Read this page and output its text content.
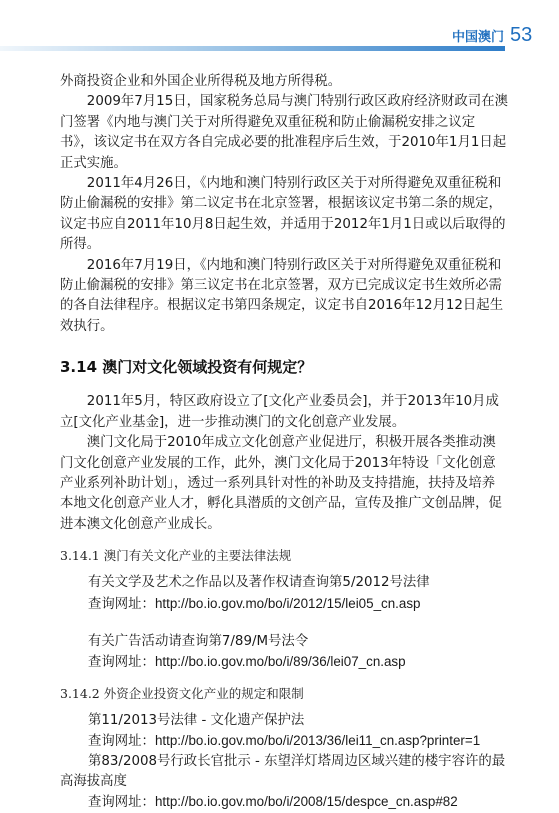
中国澳门 53

外商投资企业和外国企业所得税及地方所得税。

2009年7月15日，国家税务总局与澳门特别行政区政府经济财政司在澳门签署《内地与澳门关于对所得避免双重征税和防止偷漏税安排之议定书》，该议定书在双方各自完成必要的批准程序后生效，于2010年1月1日起正式实施。

2011年4月26日，《内地和澳门特别行政区关于对所得避免双重征税和防止偷漏税的安排》第二议定书在北京签署，根据该议定书第二条的规定，议定书应自2011年10月8日起生效，并适用于2012年1月1日或以后取得的所得。

2016年7月19日，《内地和澳门特别行政区关于对所得避免双重征税和防止偷漏税的安排》第三议定书在北京签署，双方已完成议定书生效所必需的各自法律程序。根据议定书第四条规定，议定书自2016年12月12日起生效执行。

3.14 澳门对文化领域投资有何规定？

2011年5月，特区政府设立了[文化产业委员会]，并于2013年10月成立[文化产业基金]，进一步推动澳门的文化创意产业发展。

澳门文化局于2010年成立文化创意产业促进厅，积极开展各类推动澳门文化创意产业发展的工作，此外，澳门文化局于2013年特设「文化创意产业系列补助计划」，透过一系列具针对性的补助及支持措施，扶持及培养本地文化创意产业人才，孵化具潜质的文创产品，宣传及推广文创品牌，促进本澳文化创意产业成长。

3.14.1 澳门有关文化产业的主要法律法规
有关文学及艺术之作品以及著作权请查询第5/2012号法律
查询网址：http://bo.io.gov.mo/bo/i/2012/15/lei05_cn.asp
有关广告活动请查询第7/89/M号法令
查询网址：http://bo.io.gov.mo/bo/i/89/36/lei07_cn.asp
3.14.2 外资企业投资文化产业的规定和限制
第11/2013号法律 - 文化遗产保护法
查询网址：http://bo.io.gov.mo/bo/i/2013/36/lei11_cn.asp?printer=1
第83/2008号行政长官批示 - 东望洋灯塔周边区域兴建的楼宇容许的最高海拔高度
查询网址：http://bo.io.gov.mo/bo/i/2008/15/despce_cn.asp#82
